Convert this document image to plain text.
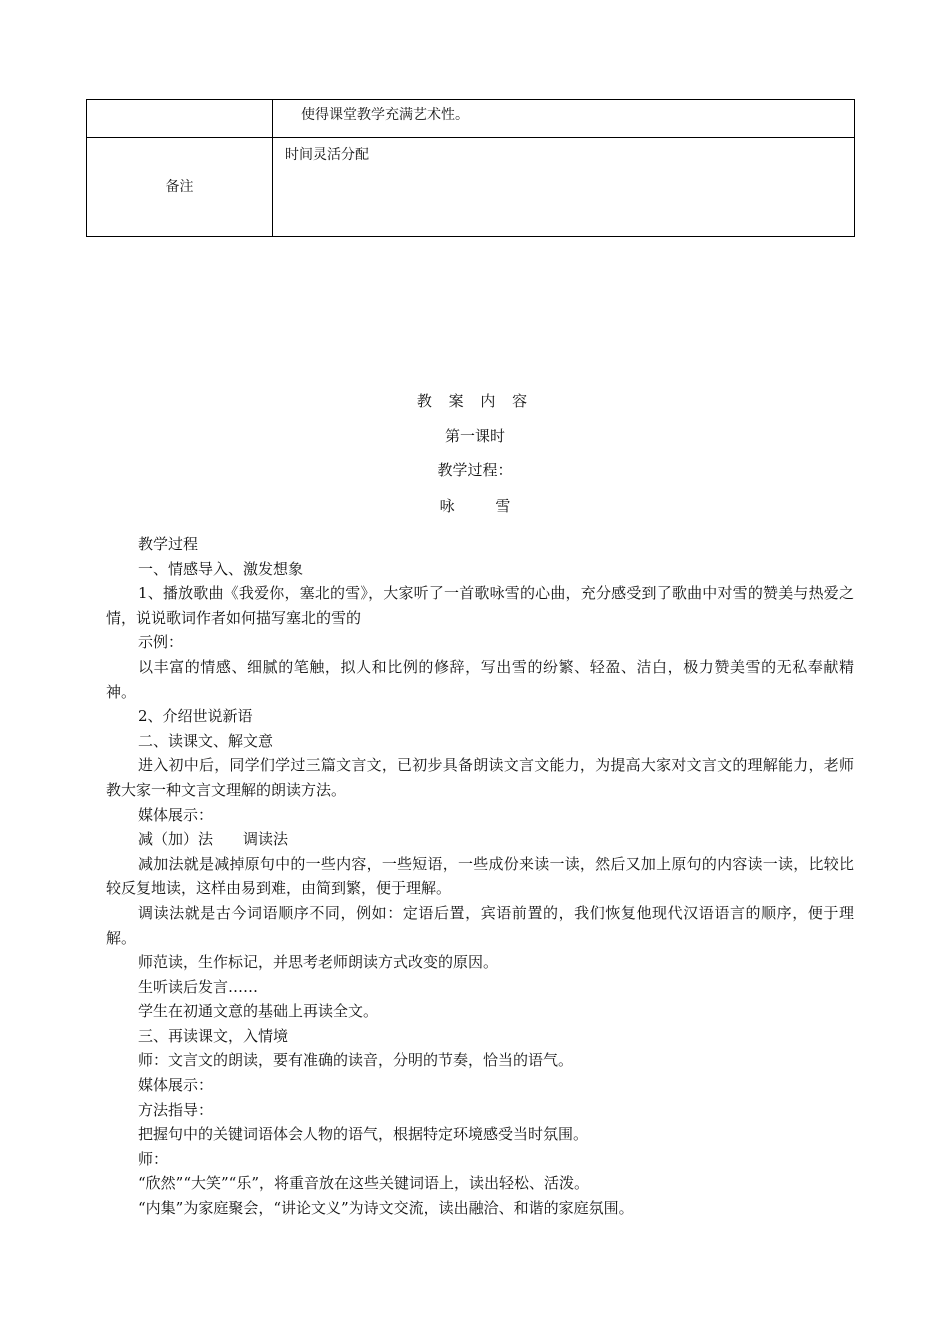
	使得课堂教学充满艺术性。

备注	时间灵活分配
教 案 内 容
第一课时
教学过程：
咏 雪

教学过程

一、情感导入、激发想象

1、播放歌曲《我爱你，塞北的雪》，大家听了一首歌咏雪的心曲，充分感受到了歌曲中对雪的赞美与热爱之情，说说歌词作者如何描写塞北的雪的

示例：

以丰富的情感、细腻的笔触，拟人和比例的修辞，写出雪的纷繁、轻盈、洁白，极力赞美雪的无私奉献精神。

2、介绍世说新语

二、读课文、解文意

进入初中后，同学们学过三篇文言文，已初步具备朗读文言文能力，为提高大家对文言文的理解能力，老师教大家一种文言文理解的朗读方法。

媒体展示：

减（加）法　　调读法

减加法就是减掉原句中的一些内容，一些短语，一些成份来读一读，然后又加上原句的内容读一读，比较比较反复地读，这样由易到难，由简到繁，便于理解。

调读法就是古今词语顺序不同，例如：定语后置，宾语前置的，我们恢复他现代汉语语言的顺序，便于理解。

师范读，生作标记，并思考老师朗读方式改变的原因。

生听读后发言……

学生在初通文意的基础上再读全文。

三、再读课文，入情境

师：文言文的朗读，要有准确的读音，分明的节奏，恰当的语气。

媒体展示：

方法指导：

把握句中的关键词语体会人物的语气，根据特定环境感受当时氛围。

师：

“欣然”“大笑”“乐”，将重音放在这些关键词语上，读出轻松、活泼。

“内集”为家庭聚会，“讲论文义”为诗文交流，读出融洽、和谐的家庭氛围。
